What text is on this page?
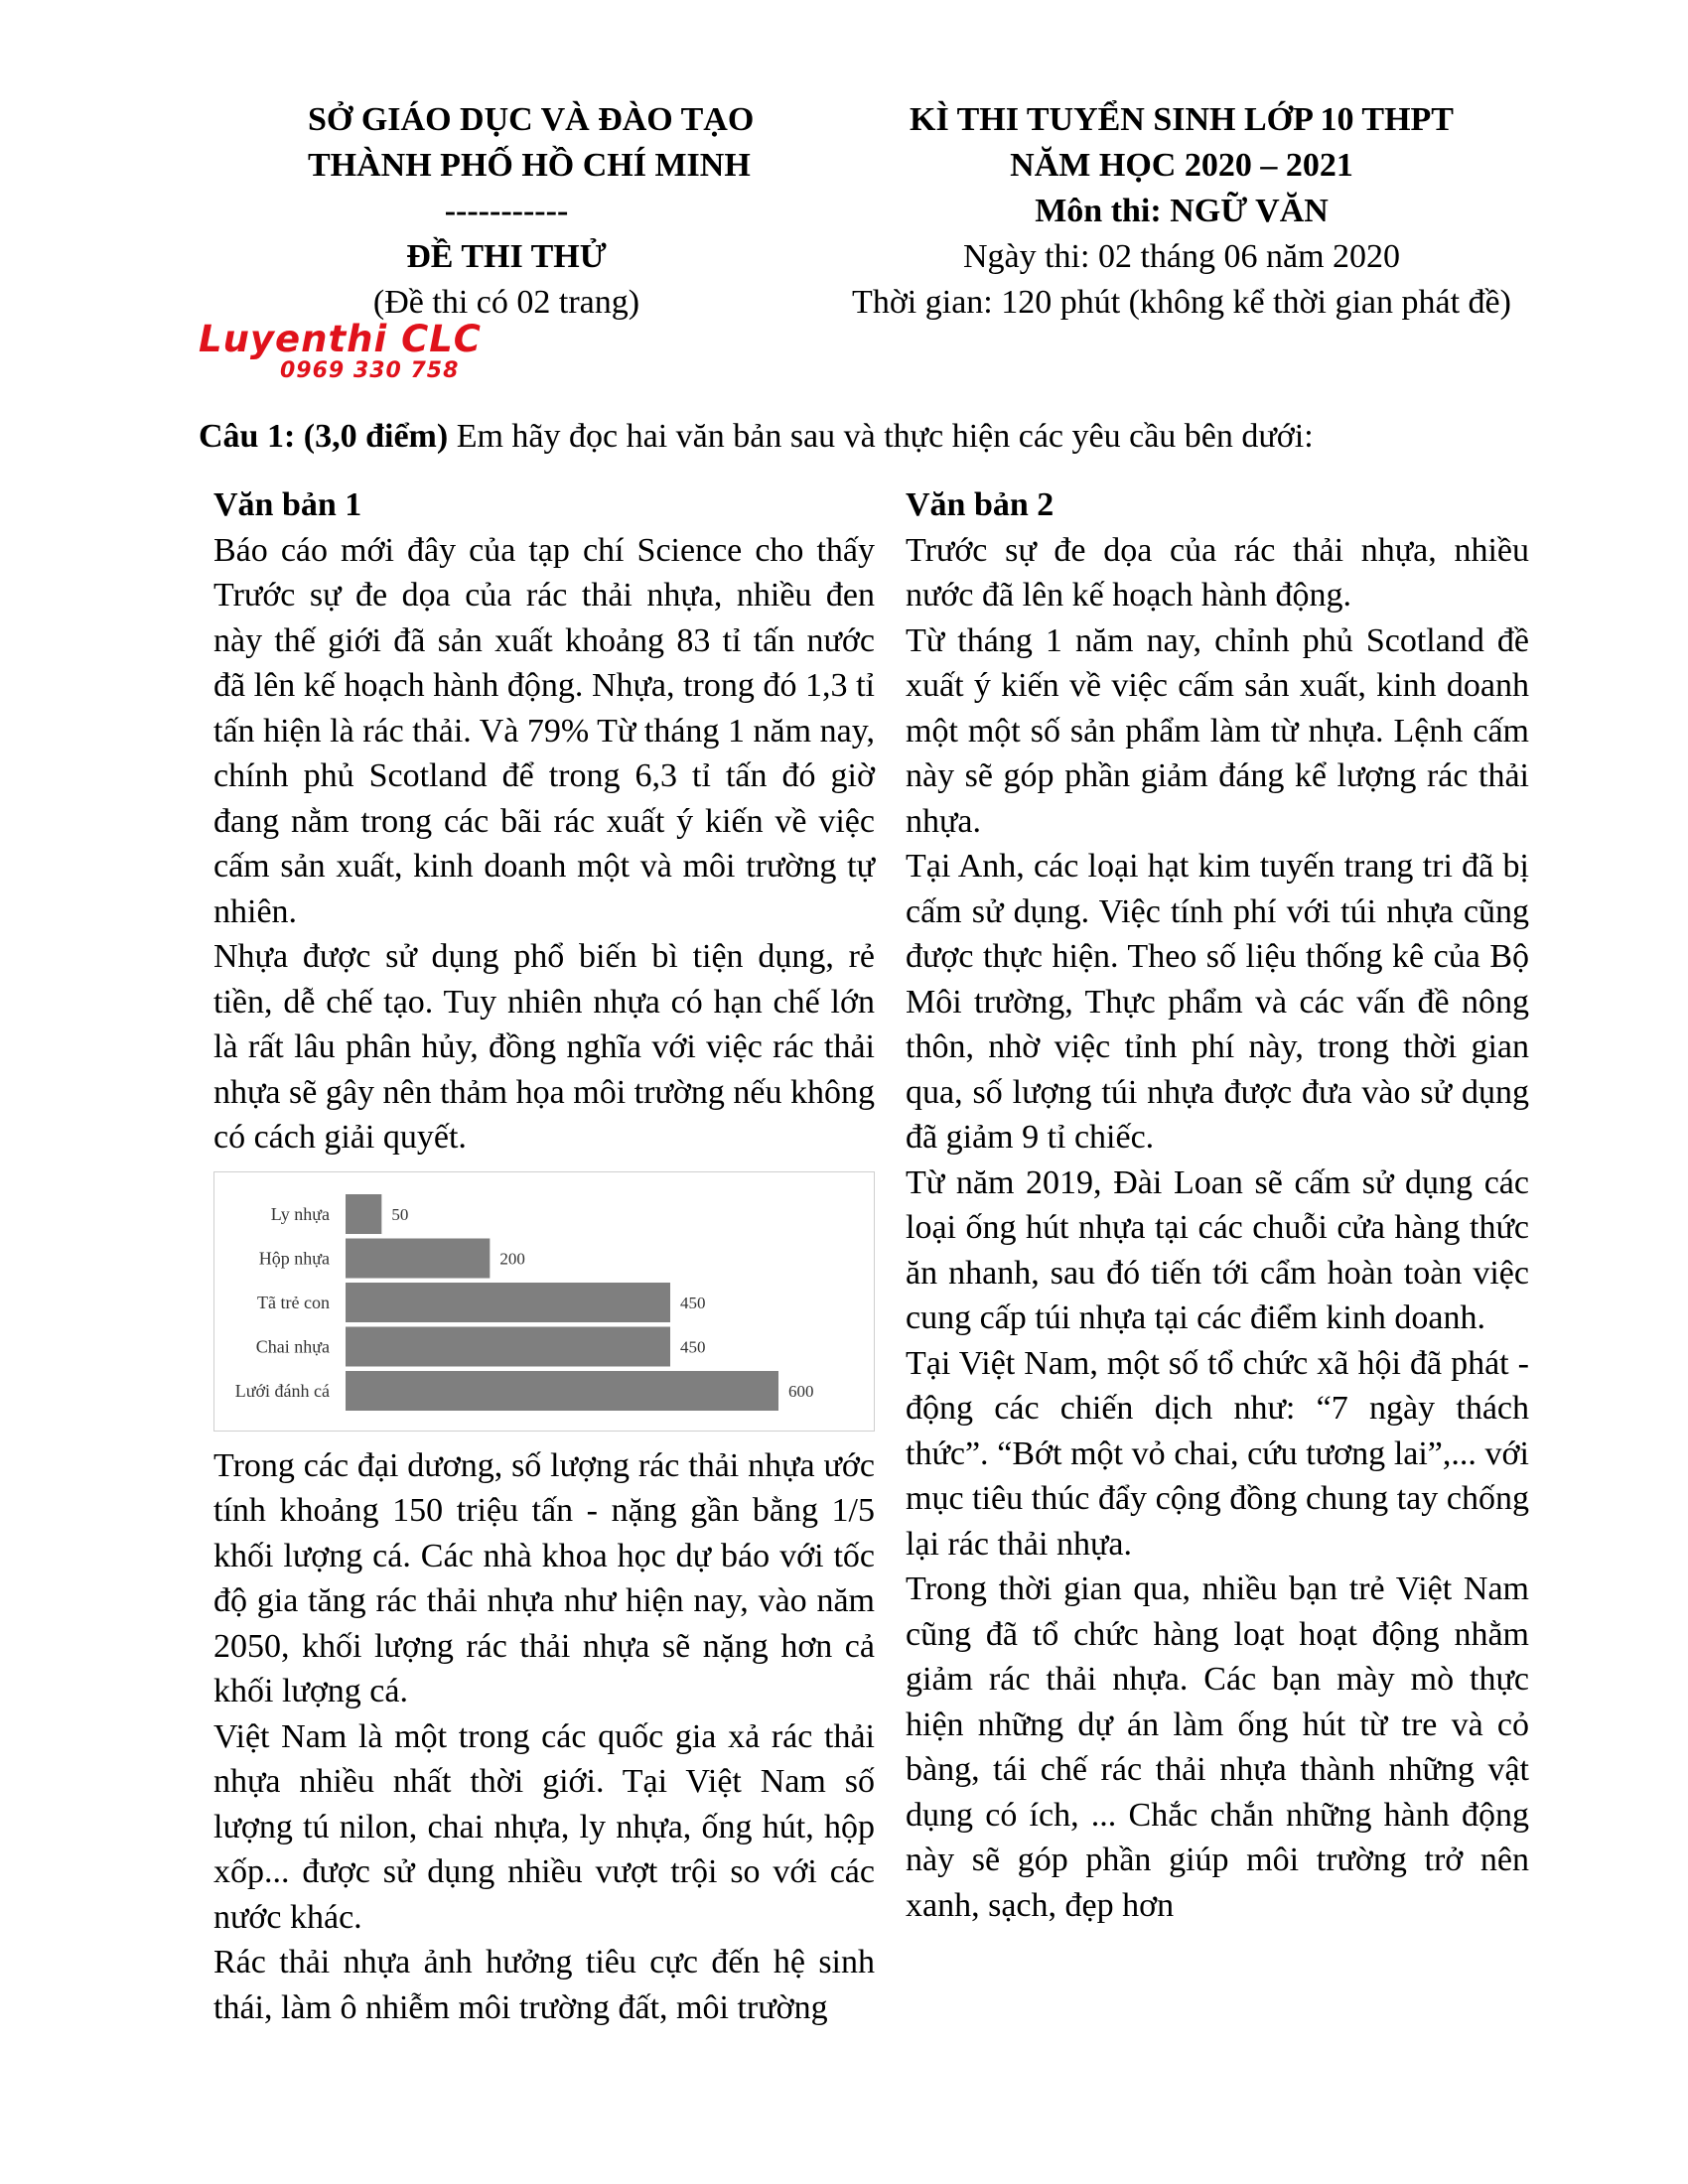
SỞ GIÁO DỤC VÀ ĐÀO TẠO
THÀNH PHỐ HỒ CHÍ MINH
-----------
ĐỀ THI THỬ
(Đề thi có 02 trang)
KÌ THI TUYỂN SINH LỚP 10 THPT
NĂM HỌC 2020 – 2021
Môn thi: NGỮ VĂN
Ngày thi: 02 tháng 06 năm 2020
Thời gian: 120 phút (không kể thời gian phát đề)
Luyenthi CLC
0969 330 758
Câu 1: (3,0 điểm) Em hãy đọc hai văn bản sau và thực hiện các yêu cầu bên dưới:
Văn bản 1

Báo cáo mới đây của tạp chí Science cho thấy Trước sự đe dọa của rác thải nhựa, nhiều đen này thế giới đã sản xuất khoảng 83 tỉ tấn nước đã lên kế hoạch hành động. Nhựa, trong đó 1,3 tỉ tấn hiện là rác thải. Và 79% Từ tháng 1 năm nay, chính phủ Scotland để trong 6,3 tỉ tấn đó giờ đang nằm trong các bãi rác xuất ý kiến về việc cấm sản xuất, kinh doanh một và môi trường tự nhiên.

Nhựa được sử dụng phổ biến bì tiện dụng, rẻ tiền, dễ chế tạo. Tuy nhiên nhựa có hạn chế lớn là rất lâu phân hủy, đồng nghĩa với việc rác thải nhựa sẽ gây nên thảm họa môi trường nếu không có cách giải quyết.

Ly nhựa	50
Hộp nhựa	200
Tã trẻ con	450
Chai nhựa	450
Lưới đánh cá	600

Trong các đại dương, số lượng rác thải nhựa ước tính khoảng 150 triệu tấn - nặng gần bằng 1/5 khối lượng cá. Các nhà khoa học dự báo với tốc độ gia tăng rác thải nhựa như hiện nay, vào năm 2050, khối lượng rác thải nhựa sẽ nặng hơn cả khối lượng cá.

Việt Nam là một trong các quốc gia xả rác thải nhựa nhiều nhất thời giới. Tại Việt Nam số lượng tú nilon, chai nhựa, ly nhựa, ống hút, hộp xốp... được sử dụng nhiều vượt trội so với các nước khác.

Rác thải nhựa ảnh hưởng tiêu cực đến hệ sinh thái, làm ô nhiễm môi trường đất, môi trường

Văn bản 2

Trước sự đe dọa của rác thải nhựa, nhiều nước đã lên kế hoạch hành động.

Từ tháng 1 năm nay, chỉnh phủ Scotland đề xuất ý kiến về việc cấm sản xuất, kinh doanh một một số sản phẩm làm từ nhựa. Lệnh cấm này sẽ góp phần giảm đáng kể lượng rác thải nhựa.

Tại Anh, các loại hạt kim tuyến trang tri đã bị cấm sử dụng. Việc tính phí với túi nhựa cũng được thực hiện. Theo số liệu thống kê của Bộ Môi trường, Thực phẩm và các vấn đề nông thôn, nhờ việc tỉnh phí này, trong thời gian qua, số lượng túi nhựa được đưa vào sử dụng đã giảm 9 tỉ chiếc.

Từ năm 2019, Đài Loan sẽ cấm sử dụng các loại ống hút nhựa tại các chuỗi cửa hàng thức ăn nhanh, sau đó tiến tới cẩm hoàn toàn việc cung cấp túi nhựa tại các điểm kinh doanh.

Tại Việt Nam, một số tổ chức xã hội đã phát - động các chiến dịch như: “7 ngày thách thức”. “Bớt một vỏ chai, cứu tương lai”,... với mục tiêu thúc đẩy cộng đồng chung tay chống lại rác thải nhựa.

Trong thời gian qua, nhiều bạn trẻ Việt Nam cũng đã tổ chức hàng loạt hoạt động nhằm giảm rác thải nhựa. Các bạn mày mò thực hiện những dự án làm ống hút từ tre và cỏ bàng, tái chế rác thải nhựa thành những vật dụng có ích, ... Chắc chắn những hành động này sẽ góp phần giúp môi trường trở nên xanh, sạch, đẹp hơn
